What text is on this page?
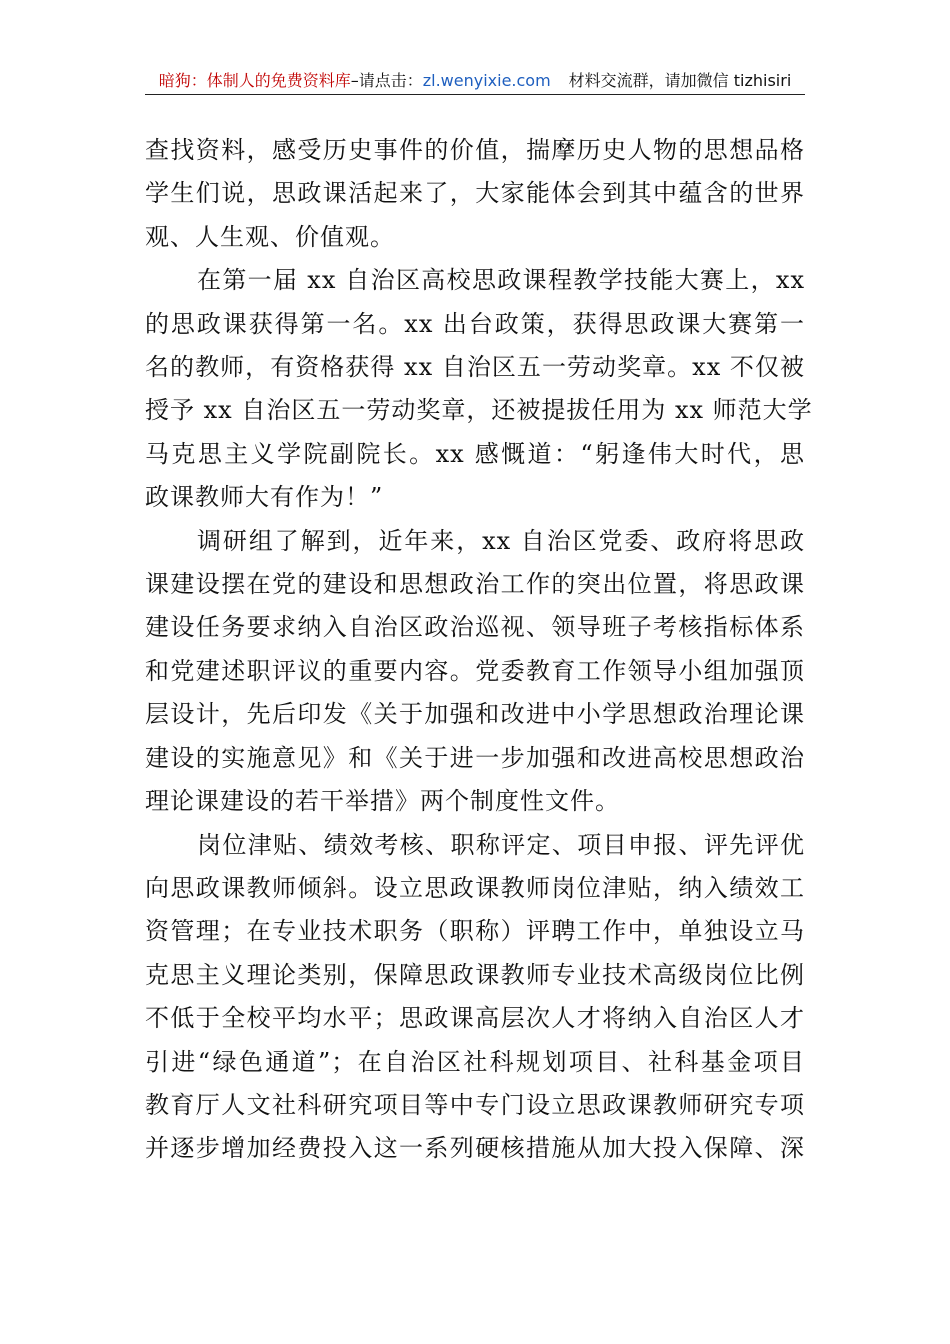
暗狗：体制人的免费资料库–请点击：zl.wenyixie.com 材料交流群，请加微信 tizhisiri
查找资料，感受历史事件的价值，揣摩历史人物的思想品格
学生们说，思政课活起来了，大家能体会到其中蕴含的世界
观、人生观、价值观。
在第一届 xx 自治区高校思政课程教学技能大赛上，xx
的思政课获得第一名。xx 出台政策，获得思政课大赛第一
名的教师，有资格获得 xx 自治区五一劳动奖章。xx 不仅被
授予 xx 自治区五一劳动奖章，还被提拔任用为 xx 师范大学
马克思主义学院副院长。xx 感慨道：“躬逢伟大时代，思
政课教师大有作为！”
调研组了解到，近年来，xx 自治区党委、政府将思政
课建设摆在党的建设和思想政治工作的突出位置，将思政课
建设任务要求纳入自治区政治巡视、领导班子考核指标体系
和党建述职评议的重要内容。党委教育工作领导小组加强顶
层设计，先后印发《关于加强和改进中小学思想政治理论课
建设的实施意见》和《关于进一步加强和改进高校思想政治
理论课建设的若干举措》两个制度性文件。
岗位津贴、绩效考核、职称评定、项目申报、评先评优
向思政课教师倾斜。设立思政课教师岗位津贴，纳入绩效工
资管理；在专业技术职务（职称）评聘工作中，单独设立马
克思主义理论类别，保障思政课教师专业技术高级岗位比例
不低于全校平均水平；思政课高层次人才将纳入自治区人才
引进“绿色通道”；在自治区社科规划项目、社科基金项目
教育厅人文社科研究项目等中专门设立思政课教师研究专项
并逐步增加经费投入这一系列硬核措施从加大投入保障、深
